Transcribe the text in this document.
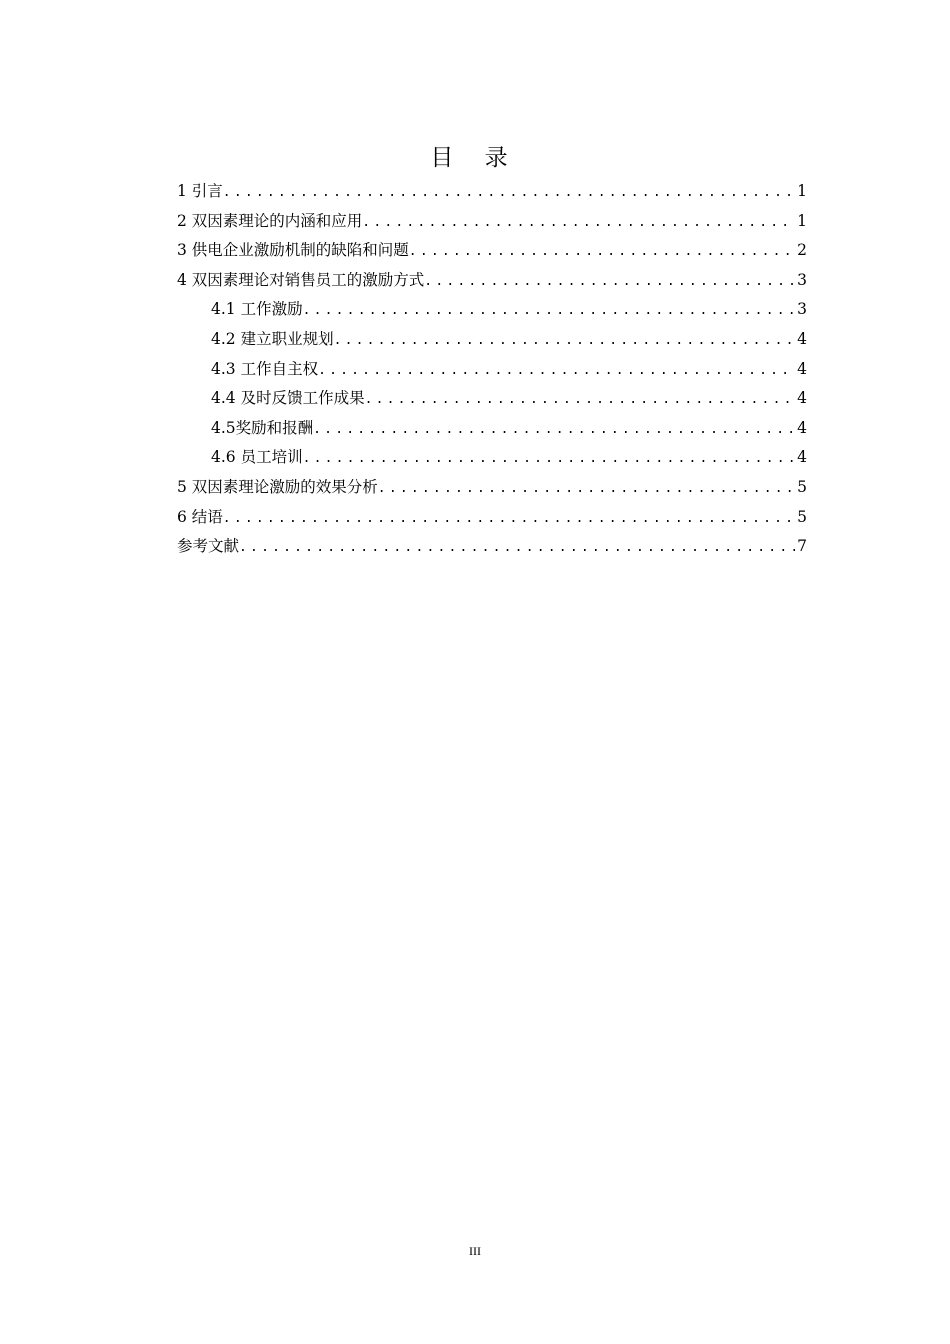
目 录
1 引言 .....	1
2 双因素理论的内涵和应用 .....	1
3 供电企业激励机制的缺陷和问题 .....	2
4 双因素理论对销售员工的激励方式 .....	3
4.1 工作激励 .....	3
4.2 建立职业规划 .....	4
4.3 工作自主权 .....	4
4.4 及时反馈工作成果 .....	4
4.5奖励和报酬 .....	4
4.6 员工培训 .....	4
5 双因素理论激励的效果分析 .....	5
6 结语 .....	5
参考文献 .....	7
III
